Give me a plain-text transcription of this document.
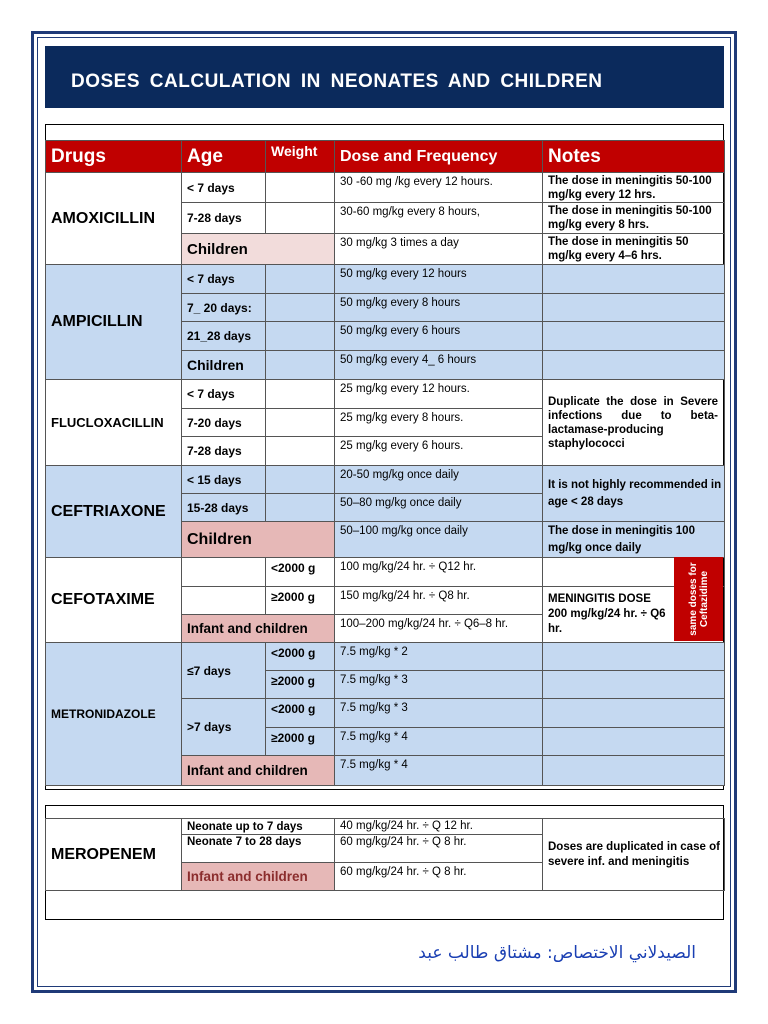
DOSES CALCULATION IN NEONATES AND CHILDREN
Drugs	Age	Weight	Dose and Frequency	Notes
AMOXICILLIN	< 7 days		30 -60 mg /kg every 12 hours.	The dose in meningitis 50-100 mg/kg every 12 hrs.
	7-28 days		30-60 mg/kg every 8 hours,	The dose in meningitis 50-100 mg/kg every 8 hrs.
	Children		30 mg/kg 3 times a day	The dose in meningitis 50 mg/kg every 4–6 hrs.
AMPICILLIN	< 7 days		50 mg/kg every 12 hours	
	7_ 20 days:		50 mg/kg every 8 hours	
	21_28 days		50 mg/kg every 6 hours	
	Children		50 mg/kg every 4_ 6 hours	
FLUCLOXACILLIN	< 7 days		25 mg/kg every 12 hours.	Duplicate the dose in Severe infections due to beta-lactamase-producing staphylococci
	7-20 days		25 mg/kg every 8 hours.	
	7-28 days		25 mg/kg every 6 hours.	
CEFTRIAXONE	< 15 days		20-50 mg/kg once daily	It is not highly recommended in age < 28 days
	15-28 days		50–80 mg/kg once daily	
	Children		50–100 mg/kg once daily	The dose in meningitis 100 mg/kg once daily
CEFOTAXIME		<2000 g	100 mg/kg/24 hr. ÷ Q12 hr.	

		≥2000 g	150 mg/kg/24 hr. ÷ Q8 hr.	MENINGITIS DOSE 200 mg/kg/24 hr. ÷ Q6 hr.
	Infant and children		100–200 mg/kg/24 hr. ÷ Q6–8 hr.	
METRONIDAZOLE	≤7 days	<2000 g	7.5 mg/kg * 2	
		≥2000 g	7.5 mg/kg * 3	
	>7 days	<2000 g	7.5 mg/kg * 3	
		≥2000 g	7.5 mg/kg * 4	
	Infant and children		7.5 mg/kg * 4	
same doses for Ceftazidime
MEROPENEM	Neonate up to 7 days	40 mg/kg/24 hr. ÷ Q 12 hr.	Doses are duplicated in case of severe inf. and meningitis
	Neonate 7 to 28 days	60 mg/kg/24 hr. ÷ Q 8 hr.	
	Infant and children	60 mg/kg/24 hr. ÷ Q 8 hr.	
الصيدلاني الاختصاص: مشتاق طالب عبد
